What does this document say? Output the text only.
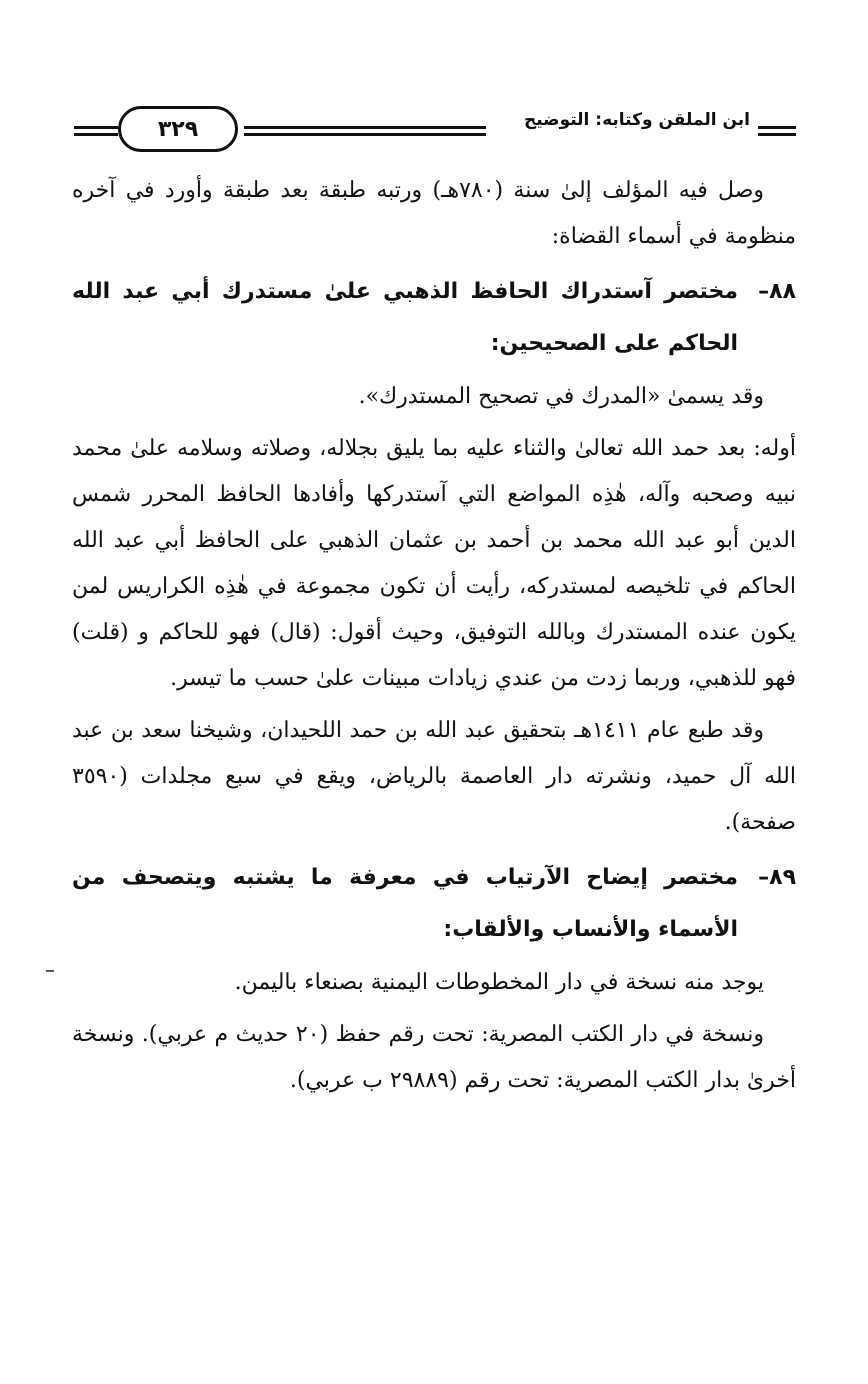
ابن الملقن وكتابه: التوضيح
٣٢٩

وصل فيه المؤلف إلىٰ سنة (٧٨٠هـ) ورتبه طبقة بعد طبقة وأورد في آخره منظومة في أسماء القضاة:

٨٨–مختصر آستدراك الحافظ الذهبي علىٰ مستدرك أبي عبد الله الحاكم على الصحيحين:

وقد يسمىٰ «المدرك في تصحيح المستدرك».

أوله: بعد حمد الله تعالىٰ والثناء عليه بما يليق بجلاله، وصلاته وسلامه علىٰ محمد نبيه وصحبه وآله، هٰذِه المواضع التي آستدركها وأفادها الحافظ المحرر شمس الدين أبو عبد الله محمد بن أحمد بن عثمان الذهبي على الحافظ أبي عبد الله الحاكم في تلخيصه لمستدركه، رأيت أن تكون مجموعة في هٰذِه الكراريس لمن يكون عنده المستدرك وبالله التوفيق، وحيث أقول: (قال) فهو للحاكم و (قلت) فهو للذهبي، وربما زدت من عندي زيادات مبينات علىٰ حسب ما تيسر.

وقد طبع عام ١٤١١هـ بتحقيق عبد الله بن حمد اللحيدان، وشيخنا سعد بن عبد الله آل حميد، ونشرته دار العاصمة بالرياض، ويقع في سبع مجلدات (٣٥٩٠ صفحة).

٨٩–مختصر إيضاح الآرتياب في معرفة ما يشتبه ويتصحف من الأسماء والأنساب والألقاب:

يوجد منه نسخة في دار المخطوطات اليمنية بصنعاء باليمن.

ونسخة في دار الكتب المصرية: تحت رقم حفظ (٢٠ حديث م عربي). ونسخة أخرىٰ بدار الكتب المصرية: تحت رقم (٢٩٨٨٩ ب عربي).
